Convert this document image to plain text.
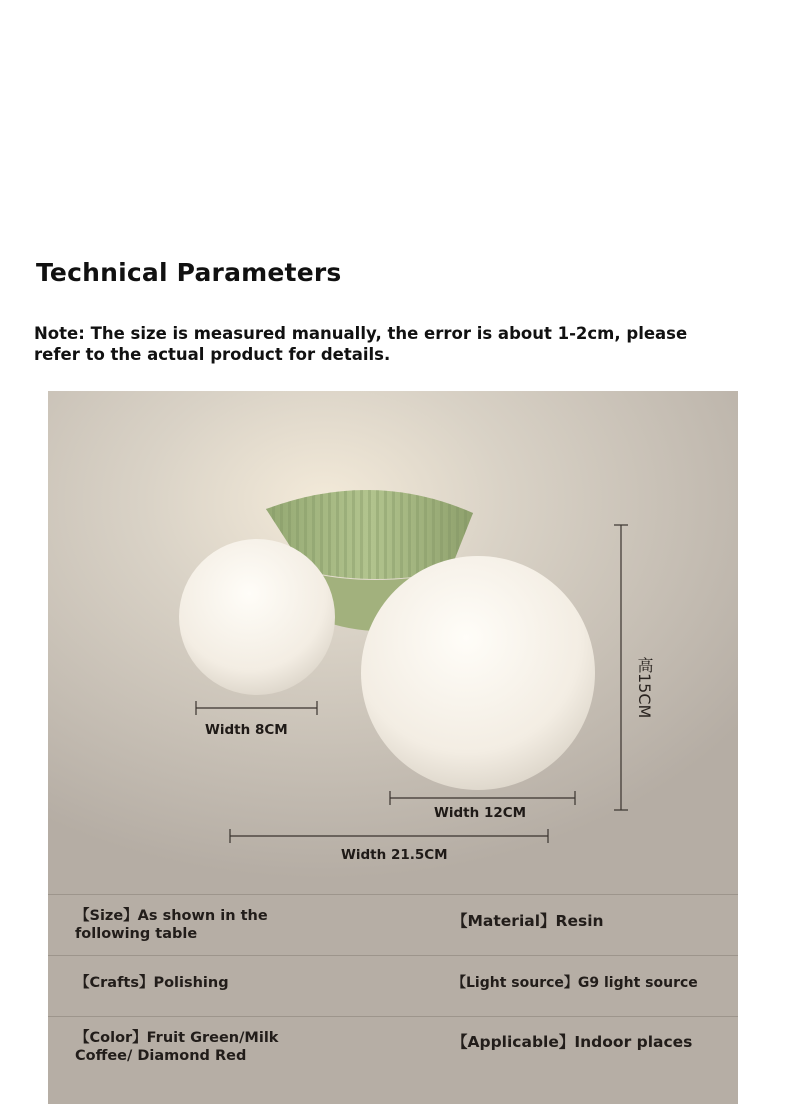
Technical Parameters

Note: The size is measured manually, the error is about 1-2cm, please refer to the actual product for details.

Width 8CM

Width 12CM

Width 21.5CM

高15CM

【Size】As shown in the following table

【Material】Resin

【Crafts】Polishing	【Light source】G9 light source

【Color】Fruit Green/Milk Coffee/ Diamond Red

【Applicable】Indoor places
